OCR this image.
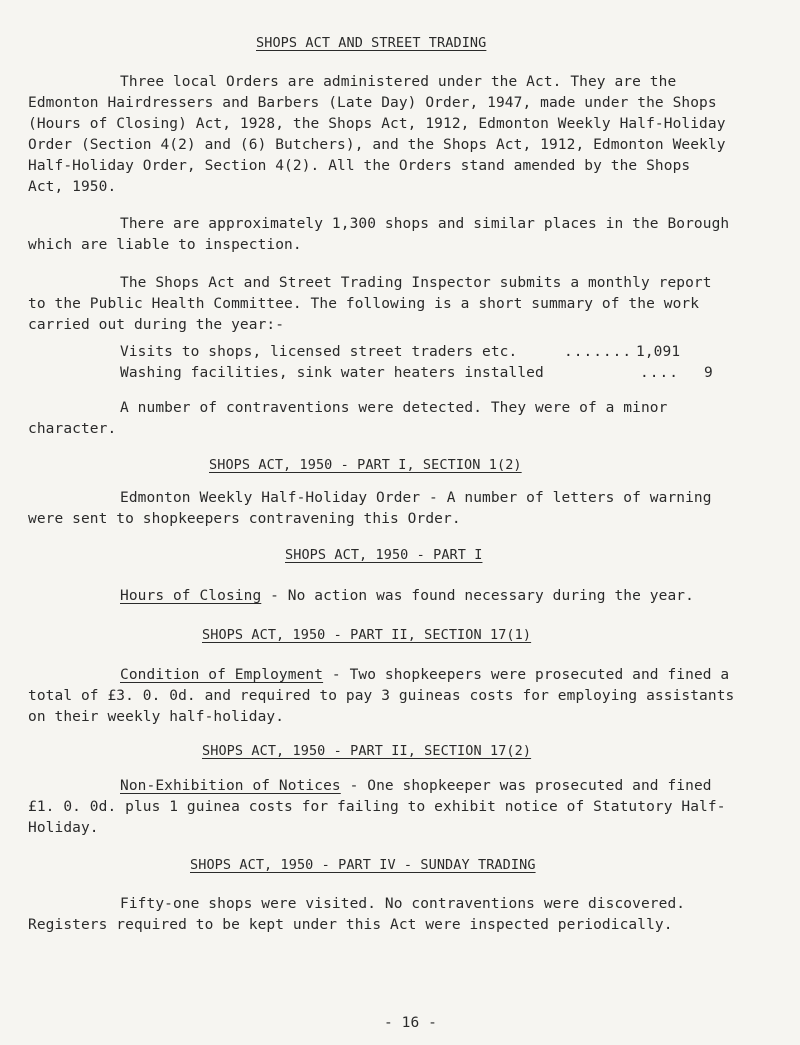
SHOPS ACT AND STREET TRADING
Three local Orders are administered under the Act. They are the
Edmonton Hairdressers and Barbers (Late Day) Order, 1947, made under the Shops
(Hours of Closing) Act, 1928, the Shops Act, 1912, Edmonton Weekly Half-Holiday
Order (Section 4(2) and (6) Butchers), and the Shops Act, 1912, Edmonton Weekly
Half-Holiday Order, Section 4(2). All the Orders stand amended by the Shops
Act, 1950.
There are approximately 1,300 shops and similar places in the Borough
which are liable to inspection.
The Shops Act and Street Trading Inspector submits a monthly report
to the Public Health Committee. The following is a short summary of the work
carried out during the year:-
Visits to shops, licensed street traders etc.	....... 1,091
Washing facilities, sink water heaters installed	.... 9
A number of contraventions were detected. They were of a minor
character.
SHOPS ACT, 1950 - PART I, SECTION 1(2)
Edmonton Weekly Half-Holiday Order - A number of letters of warning
were sent to shopkeepers contravening this Order.
SHOPS ACT, 1950 - PART I
Hours of Closing - No action was found necessary during the year.
SHOPS ACT, 1950 - PART II, SECTION 17(1)
Condition of Employment - Two shopkeepers were prosecuted and fined a
total of £3. 0. 0d. and required to pay 3 guineas costs for employing assistants
on their weekly half-holiday.
SHOPS ACT, 1950 - PART II, SECTION 17(2)
Non-Exhibition of Notices - One shopkeeper was prosecuted and fined
£1. 0. 0d. plus 1 guinea costs for failing to exhibit notice of Statutory Half-
Holiday.
SHOPS ACT, 1950 - PART IV - SUNDAY TRADING
Fifty-one shops were visited. No contraventions were discovered.
Registers required to be kept under this Act were inspected periodically.
- 16 -
